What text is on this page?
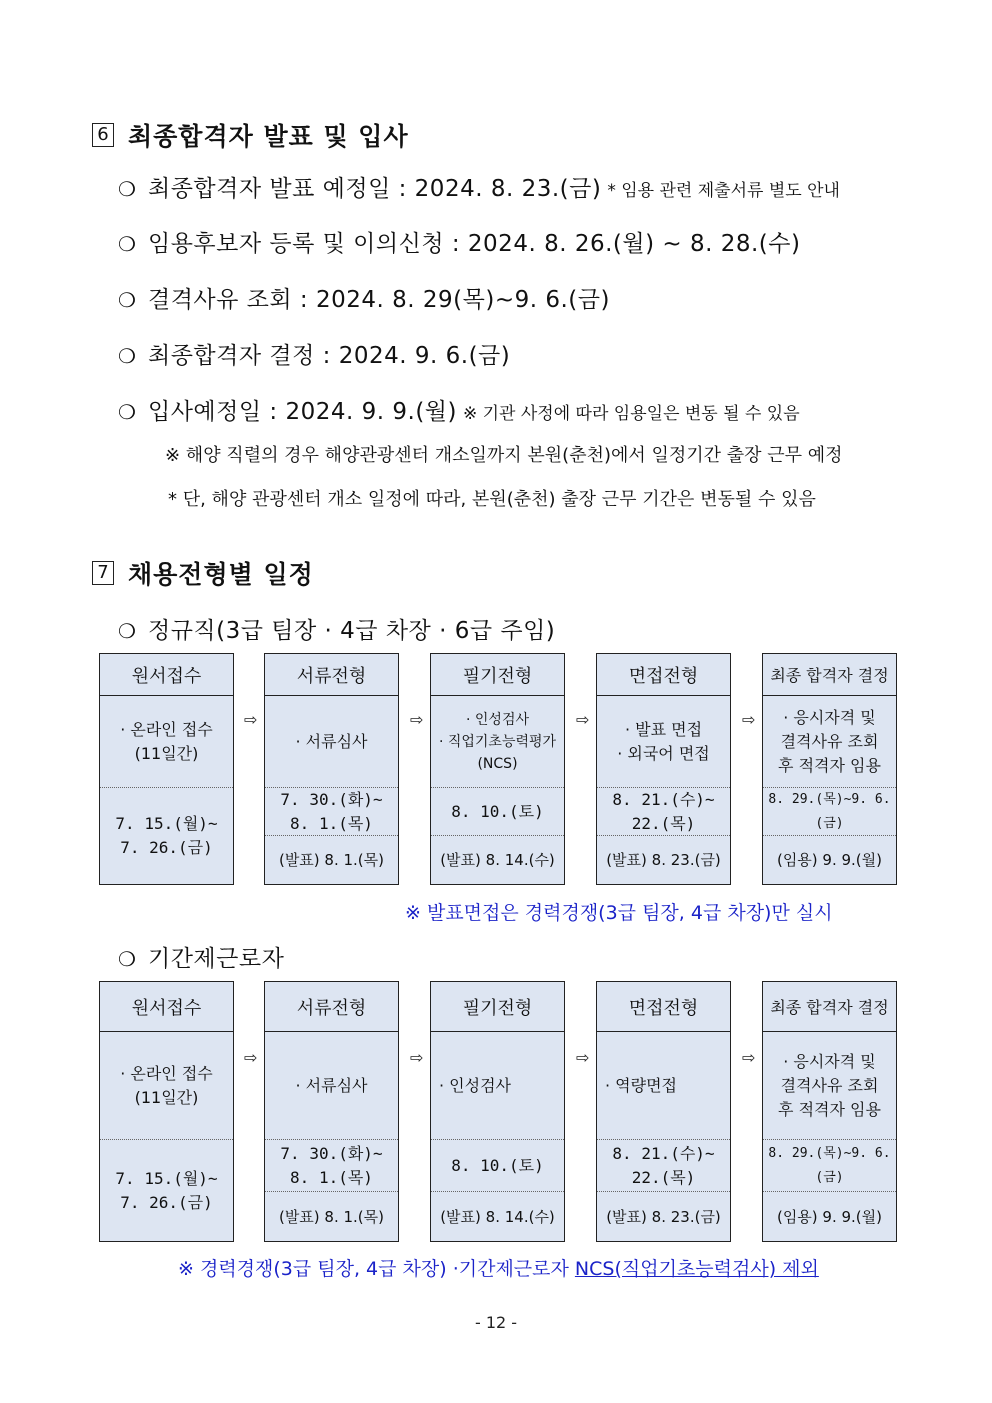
6 최종합격자 발표 및 입사
❍ 최종합격자 발표 예정일 : 2024. 8. 23.(금) * 임용 관련 제출서류 별도 안내
❍ 임용후보자 등록 및 이의신청 : 2024. 8. 26.(월) ~ 8. 28.(수)
❍ 결격사유 조회 : 2024. 8. 29(목)~9. 6.(금)
❍ 최종합격자 결정 : 2024. 9. 6.(금)
❍ 입사예정일 : 2024. 9. 9.(월) ※ 기관 사정에 따라 임용일은 변동 될 수 있음
※ 해양 직렬의 경우 해양관광센터 개소일까지 본원(춘천)에서 일정기간 출장 근무 예정
* 단, 해양 관광센터 개소 일정에 따라, 본원(춘천) 출장 근무 기간은 변동될 수 있음
7 채용전형별 일정
❍ 정규직(3급 팀장 · 4급 차장 · 6급 주임)
원서접수
· 온라인 접수
(11일간)
7. 15.(월)~
7. 26.(금)
⇨
서류전형
· 서류심사
7. 30.(화)~
8. 1.(목)
(발표) 8. 1.(목)
⇨
필기전형
· 인성검사
· 직업기초능력평가
(NCS)
8. 10.(토)
(발표) 8. 14.(수)
⇨
면접전형
· 발표 면접
· 외국어 면접
8. 21.(수)~
22.(목)
(발표) 8. 23.(금)
⇨
최종 합격자 결정
· 응시자격 및
결격사유 조회
후 적격자 임용
8. 29.(목)~9. 6.(금)
(임용) 9. 9.(월)
※ 발표면접은 경력경쟁(3급 팀장, 4급 차장)만 실시
❍ 기간제근로자
원서접수
· 온라인 접수
(11일간)
7. 15.(월)~
7. 26.(금)
⇨
서류전형
· 서류심사
7. 30.(화)~
8. 1.(목)
(발표) 8. 1.(목)
⇨
필기전형
· 인성검사
8. 10.(토)
(발표) 8. 14.(수)
⇨
면접전형
· 역량면접
8. 21.(수)~
22.(목)
(발표) 8. 23.(금)
⇨
최종 합격자 결정
· 응시자격 및
결격사유 조회
후 적격자 임용
8. 29.(목)~9. 6.(금)
(임용) 9. 9.(월)
※ 경력경쟁(3급 팀장, 4급 차장) ·기간제근로자 NCS(직업기초능력검사) 제외
- 12 -
